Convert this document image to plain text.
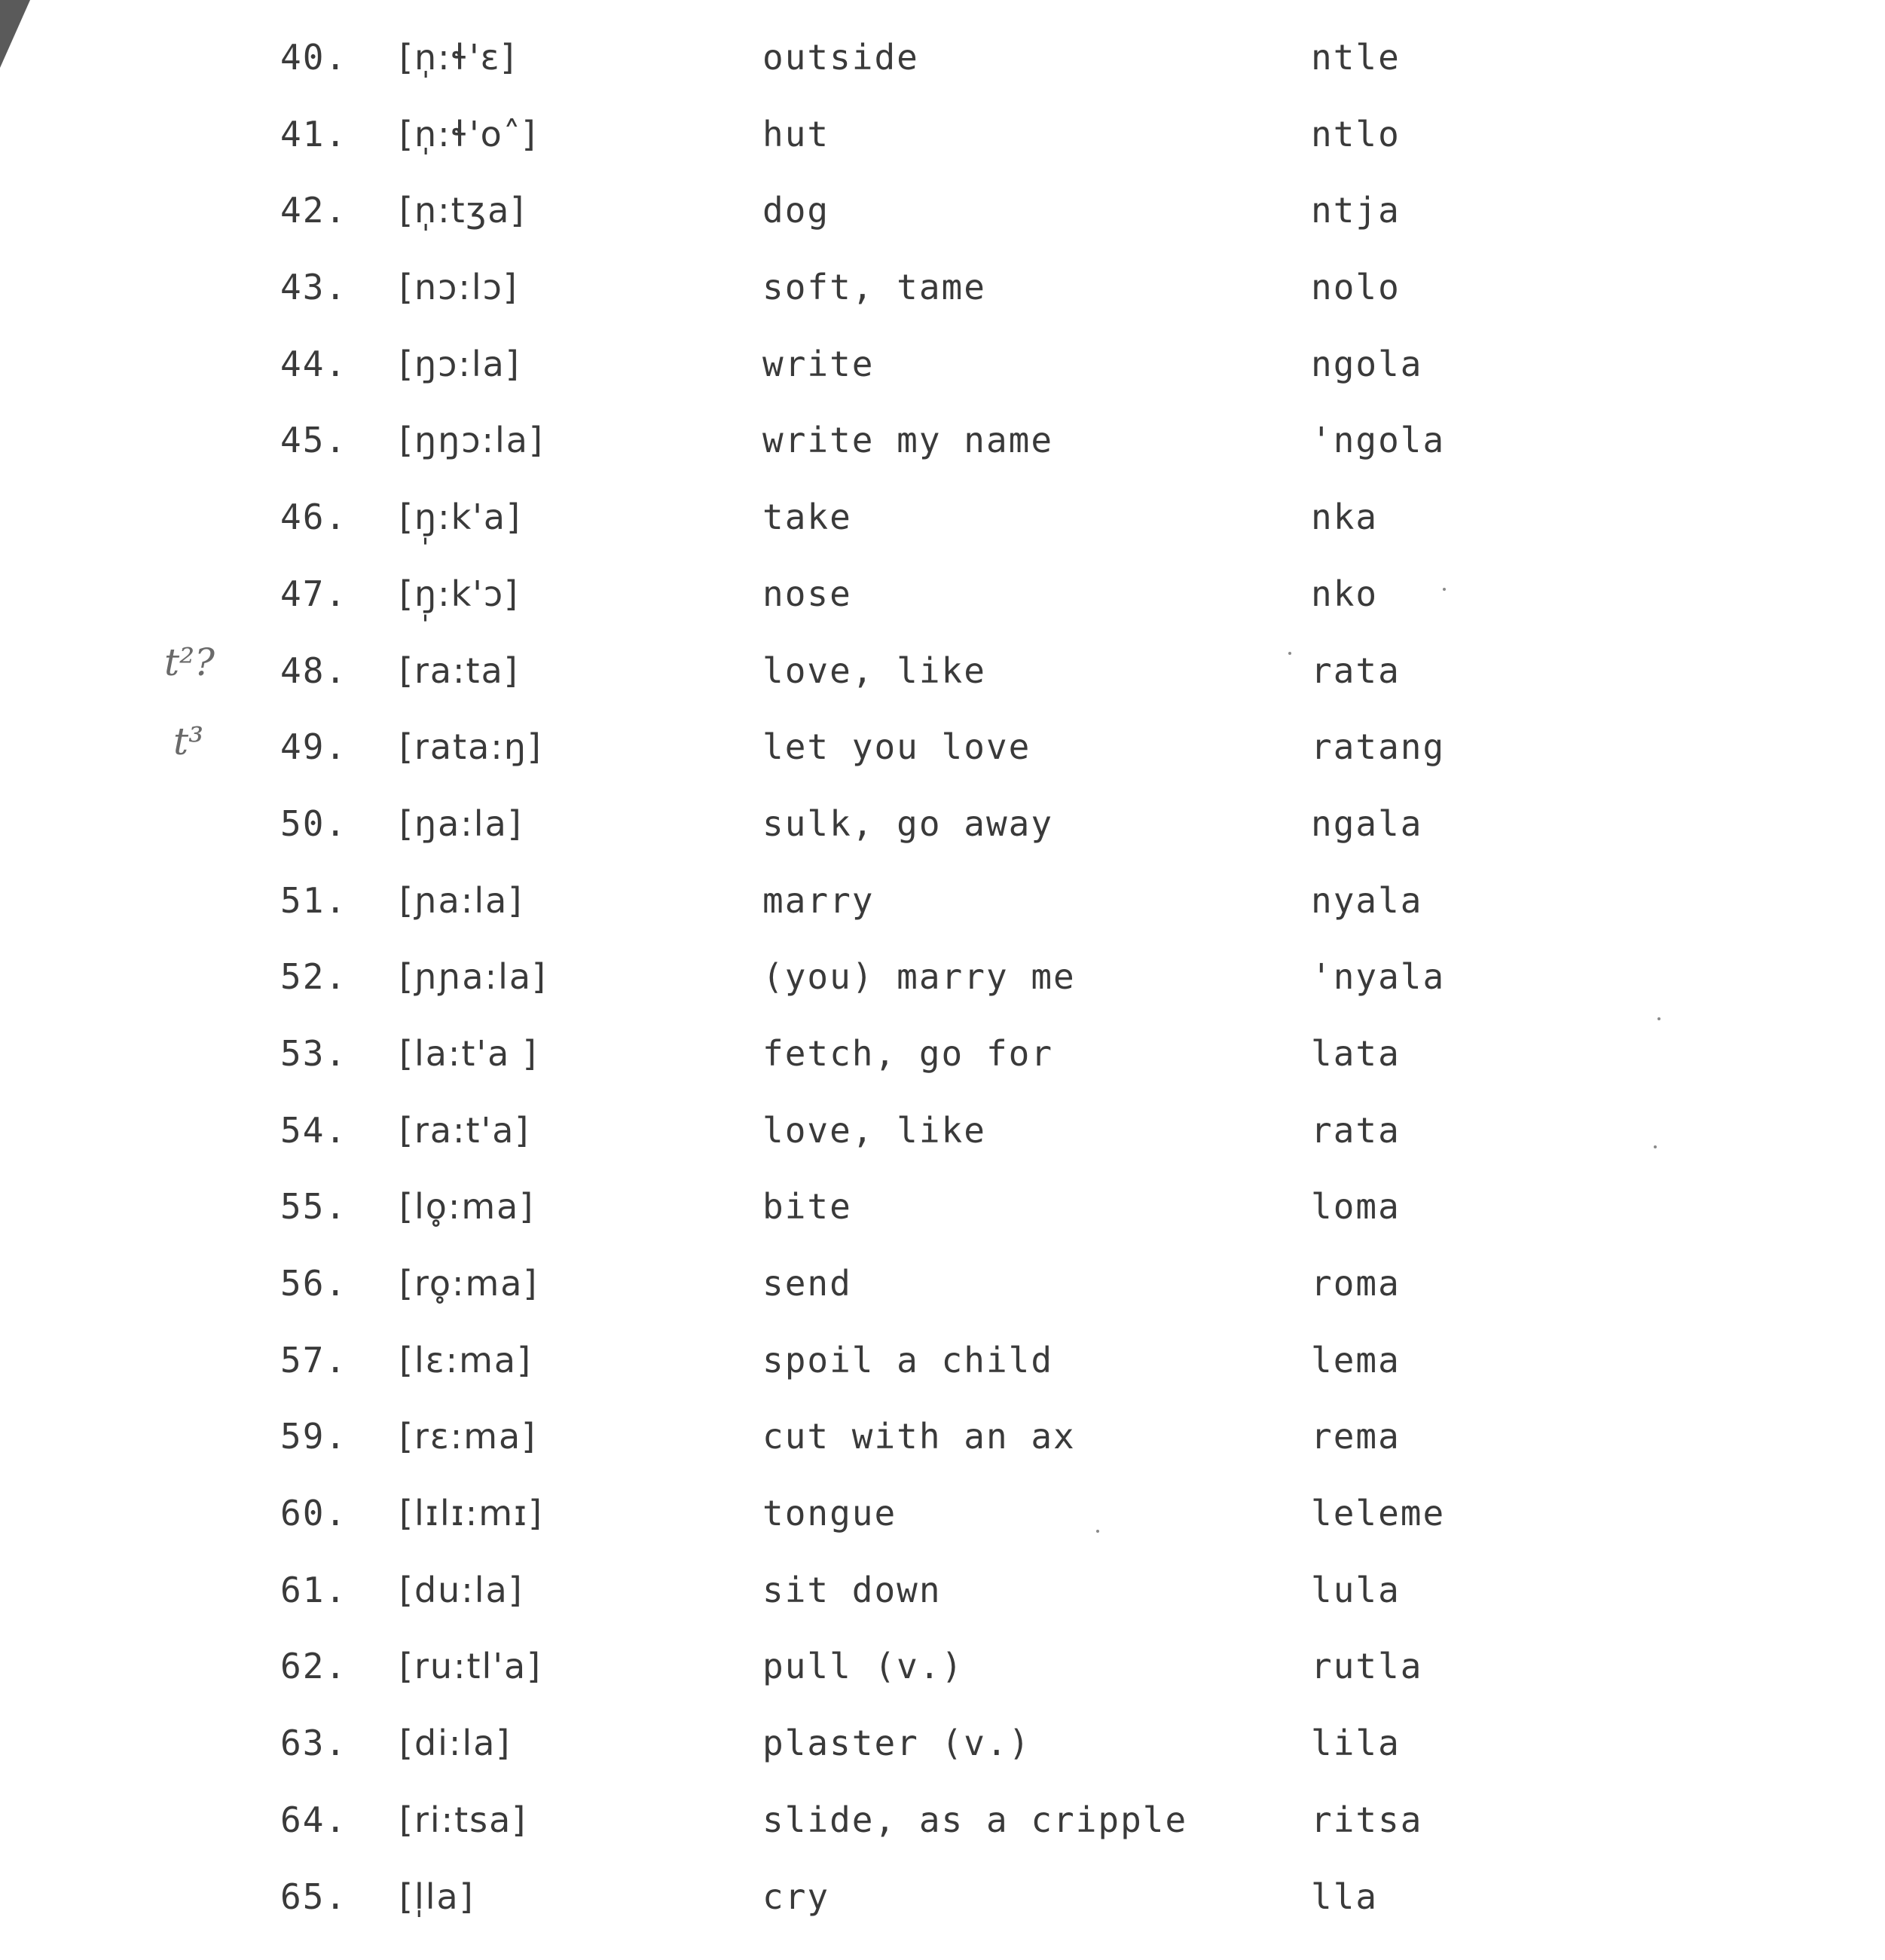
t²?
t³
40. [n̩:ɬ'ɛ]	outside	ntle
41. [n̩:ɬ'o˄]	hut	ntlo
42. [n̩:tʒa]	dog	ntja
43. [nɔ:lɔ]	soft, tame	nolo
44. [ŋɔ:la]	write	ngola
45. [ŋŋɔ:la]	write my name	'ngola
46. [ŋ̩:k'a]	take	nka
47. [ŋ̩:k'ɔ]	nose	nko
48. [ra:ta]	love, like	rata
49. [rata:ŋ]	let you love	ratang
50. [ŋa:la]	sulk, go away	ngala
51. [ɲa:la]	marry	nyala
52. [ɲɲa:la]	(you) marry me	'nyala
53. [la:t'a ]	fetch, go for	lata
54. [ra:t'a]	love, like	rata
55. [lo̥:ma]	bite	loma
56. [ro̥:ma]	send	roma
57. [lɛ:ma]	spoil a child	lema
59. [rɛ:ma]	cut with an ax	rema
60. [lɪlɪ:mɪ]	tongue	leleme
61. [du:la]	sit down	lula
62. [ru:tl'a]	pull (v.)	rutla
63. [di:la]	plaster (v.)	lila
64. [ri:tsa]	slide, as a cripple	ritsa
65. [l̩la]	cry	lla
